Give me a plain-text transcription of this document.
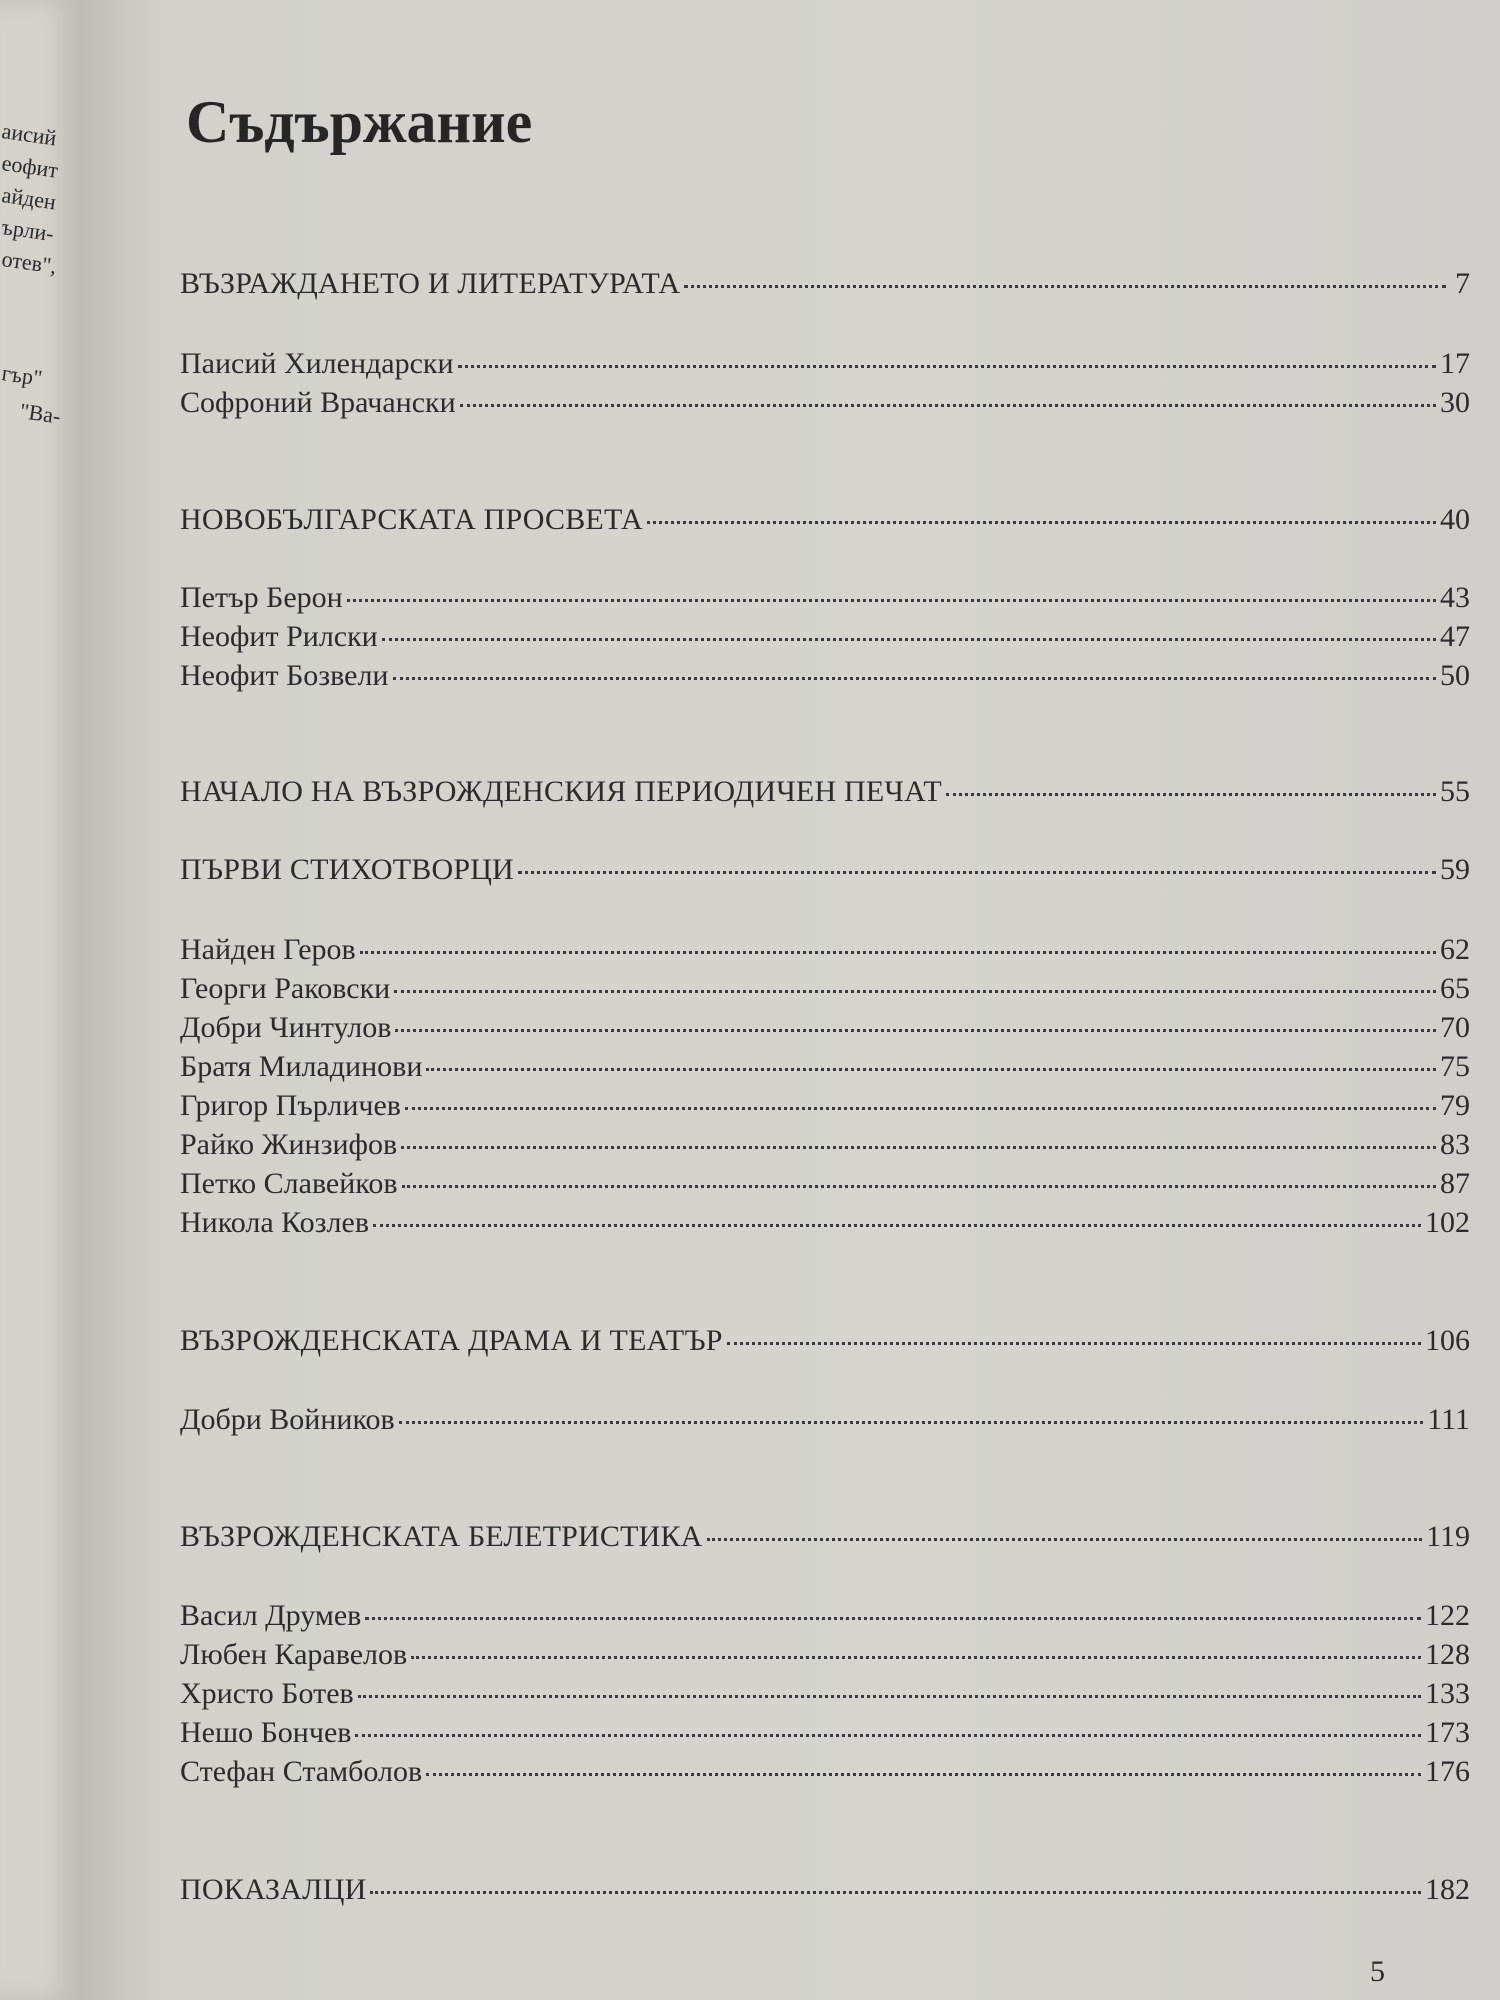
аисий
еофит
айден
ърли-
отев",
гър"
"Ва-
Съдържание
ВЪЗРАЖДАНЕТО И ЛИТЕРАТУРАТА	7
Паисий Хилендарски	17
Софроний Врачански	30
НОВОБЪЛГАРСКАТА ПРОСВЕТА	40
Петър Берон	43
Неофит Рилски	47
Неофит Бозвели	50
НАЧАЛО НА ВЪЗРОЖДЕНСКИЯ ПЕРИОДИЧЕН ПЕЧАТ	55
ПЪРВИ СТИХОТВОРЦИ	59
Найден Геров	62
Георги Раковски	65
Добри Чинтулов	70
Братя Миладинови	75
Григор Пърличев	79
Райко Жинзифов	83
Петко Славейков	87
Никола Козлев	102
ВЪЗРОЖДЕНСКАТА ДРАМА И ТЕАТЪР	106
Добри Войников	111
ВЪЗРОЖДЕНСКАТА БЕЛЕТРИСТИКА	119
Васил Друмев	122
Любен Каравелов	128
Христо Ботев	133
Нешо Бончев	173
Стефан Стамболов	176
ПОКАЗАЛЦИ	182
5
